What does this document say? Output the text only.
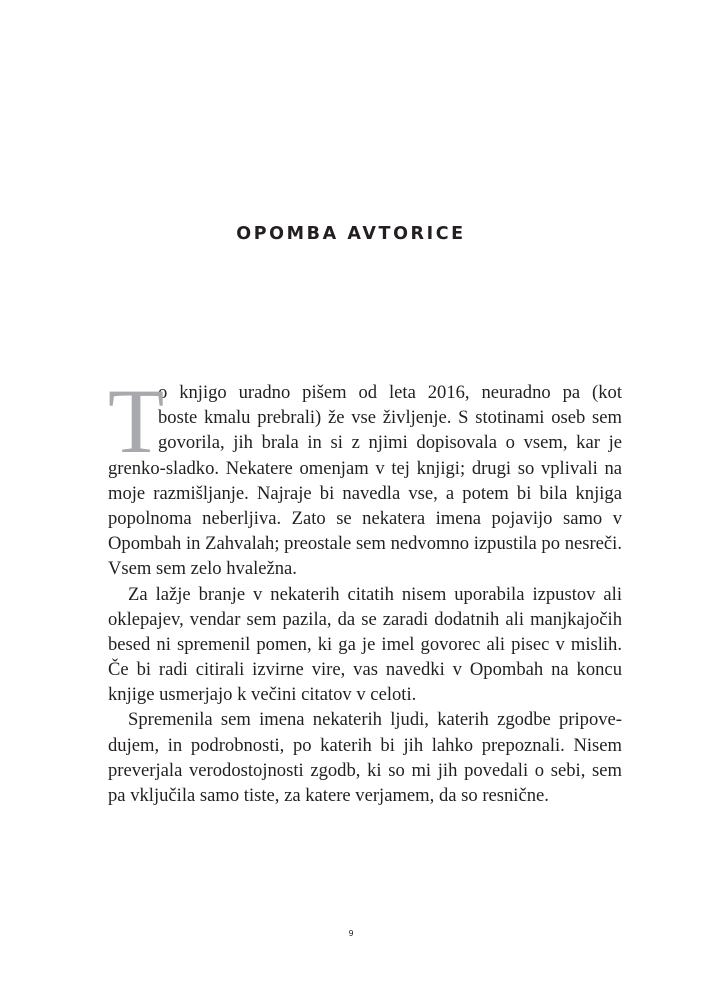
OPOMBA AVTORICE
T
o knjigo uradno pišem od leta 2016, neuradno pa (kot
boste kmalu prebrali) že vse življenje. S stotinami oseb sem
govorila, jih brala in si z njimi dopisovala o vsem, kar je
grenko-sladko. Nekatere omenjam v tej knjigi; drugi so vplivali na
moje razmišljanje. Najraje bi navedla vse, a potem bi bila knjiga
popolnoma neberljiva. Zato se nekatera imena pojavijo samo v
Opombah in Zahvalah; preostale sem nedvomno izpustila po nesreči.
Vsem sem zelo hvaležna.
Za lažje branje v nekaterih citatih nisem uporabila izpustov ali
oklepajev, vendar sem pazila, da se zaradi dodatnih ali manjkajočih
besed ni spremenil pomen, ki ga je imel govorec ali pisec v mislih.
Če bi radi citirali izvirne vire, vas navedki v Opombah na koncu
knjige usmerjajo k večini citatov v celoti.
Spremenila sem imena nekaterih ljudi, katerih zgodbe pripove-
dujem, in podrobnosti, po katerih bi jih lahko prepoznali. Nisem
preverjala verodostojnosti zgodb, ki so mi jih povedali o sebi, sem
pa vključila samo tiste, za katere verjamem, da so resnične.
9
